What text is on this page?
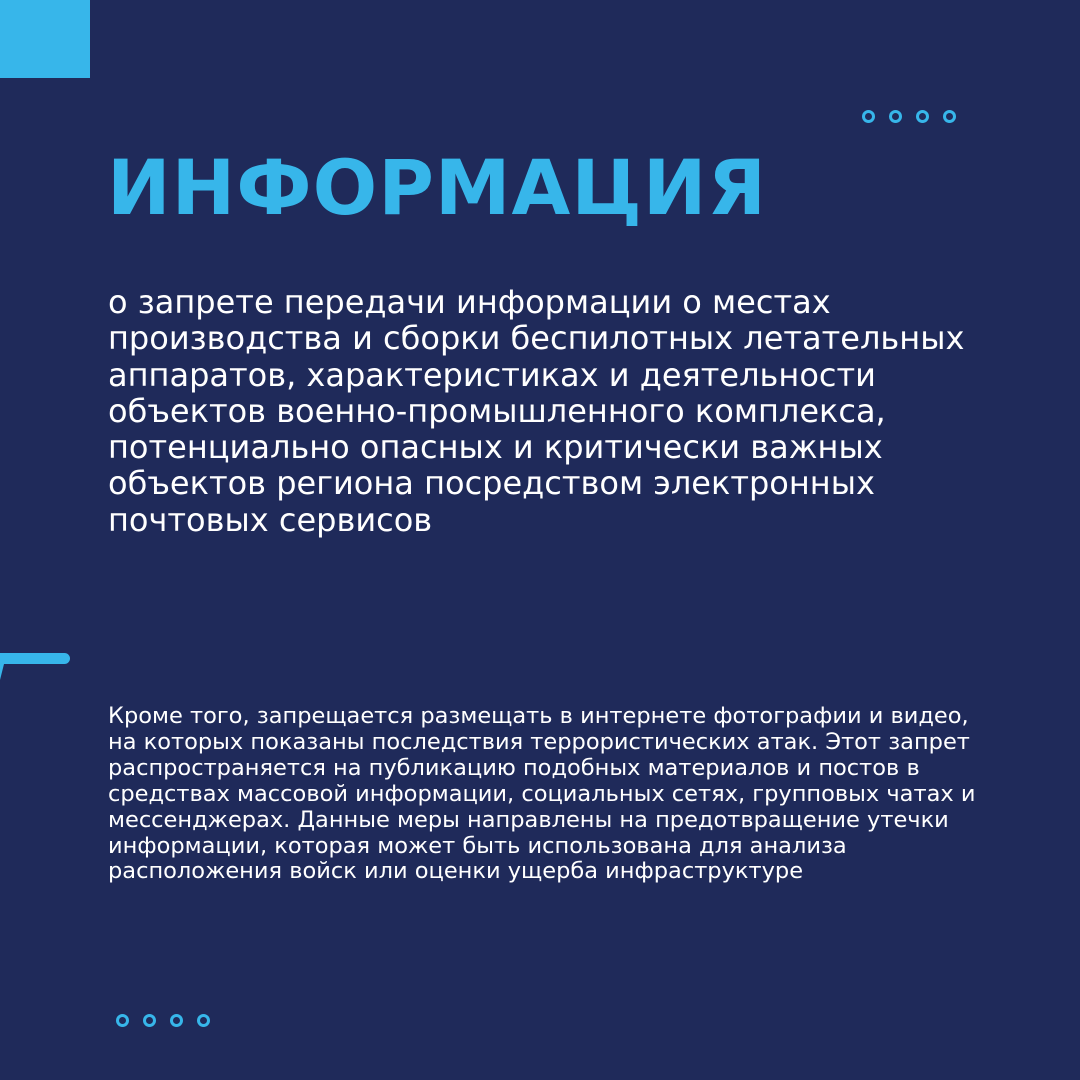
ИНФОРМАЦИЯ

о запрете передачи информации о местах производства и сборки беспилотных летательных аппаратов, характеристиках и деятельности объектов военно-промышленного комплекса, потенциально опасных и критически важных объектов региона посредством электронных почтовых сервисов

Кроме того, запрещается размещать в интернете фотографии и видео, на которых показаны последствия террористических атак. Этот запрет распространяется на публикацию подобных материалов и постов в средствах массовой информации, социальных сетях, групповых чатах и мессенджерах. Данные меры направлены на предотвращение утечки информации, которая может быть использована для анализа расположения войск или оценки ущерба инфраструктуре
